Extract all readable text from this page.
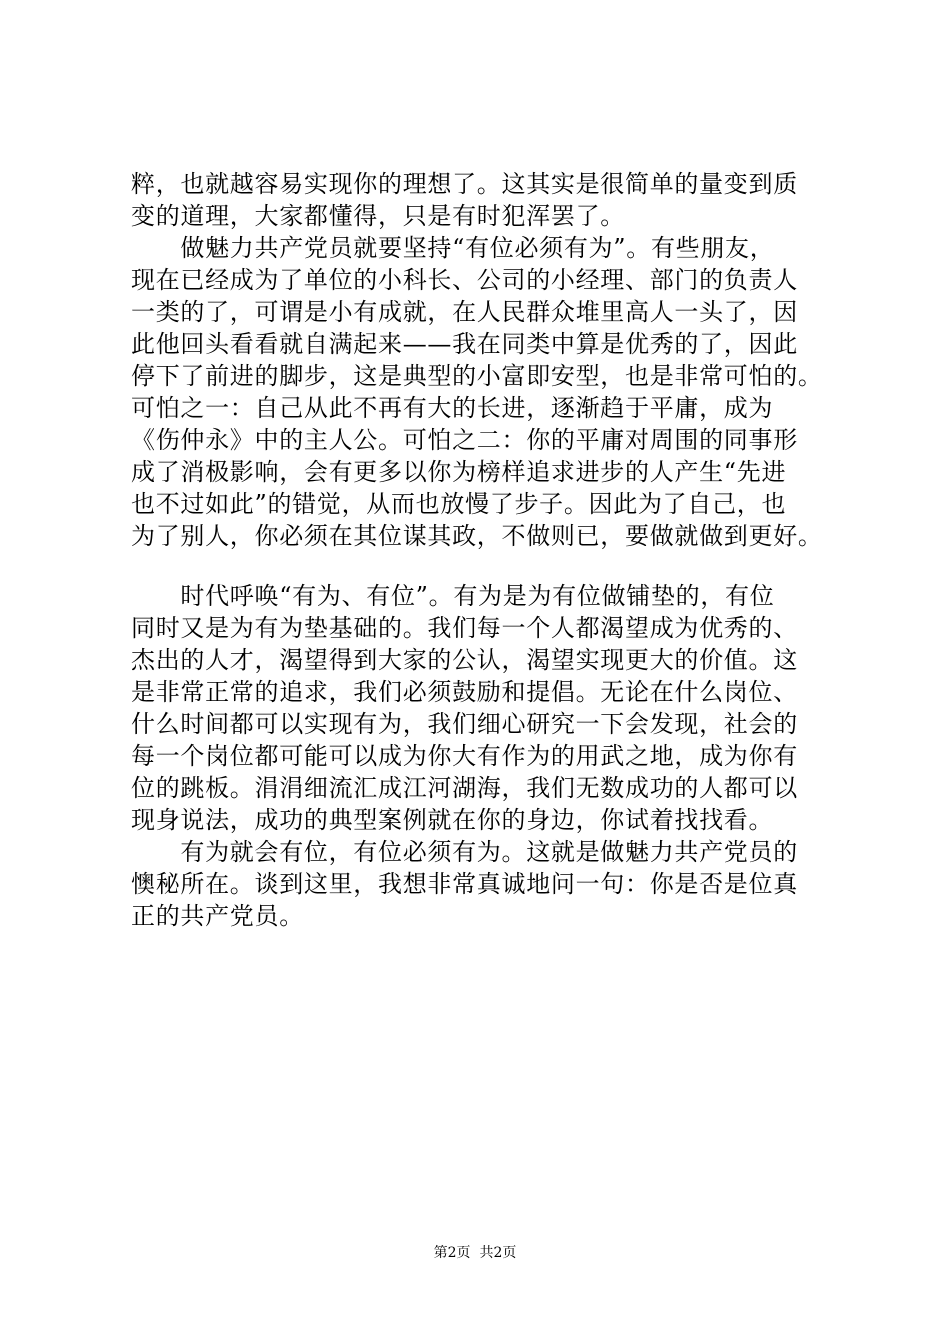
粹，也就越容易实现你的理想了。这其实是很简单的量变到质
变的道理，大家都懂得，只是有时犯浑罢了。
　　做魅力共产党员就要坚持“有位必须有为”。有些朋友，
现在已经成为了单位的小科长、公司的小经理、部门的负责人
一类的了，可谓是小有成就，在人民群众堆里高人一头了，因
此他回头看看就自满起来——我在同类中算是优秀的了，因此
停下了前进的脚步，这是典型的小富即安型，也是非常可怕的。
可怕之一：自己从此不再有大的长进，逐渐趋于平庸，成为
《伤仲永》中的主人公。可怕之二：你的平庸对周围的同事形
成了消极影响，会有更多以你为榜样追求进步的人产生“先进
也不过如此”的错觉，从而也放慢了步子。因此为了自己，也
为了别人，你必须在其位谋其政，不做则已，要做就做到更好。
　　时代呼唤“有为、有位”。有为是为有位做铺垫的，有位
同时又是为有为垫基础的。我们每一个人都渴望成为优秀的、
杰出的人才，渴望得到大家的公认，渴望实现更大的价值。这
是非常正常的追求，我们必须鼓励和提倡。无论在什么岗位、
什么时间都可以实现有为，我们细心研究一下会发现，社会的
每一个岗位都可能可以成为你大有作为的用武之地，成为你有
位的跳板。涓涓细流汇成江河湖海，我们无数成功的人都可以
现身说法，成功的典型案例就在你的身边，你试着找找看。
　　有为就会有位，有位必须有为。这就是做魅力共产党员的
懊秘所在。谈到这里，我想非常真诚地问一句：你是否是位真
正的共产党员。
第2页  共2页
